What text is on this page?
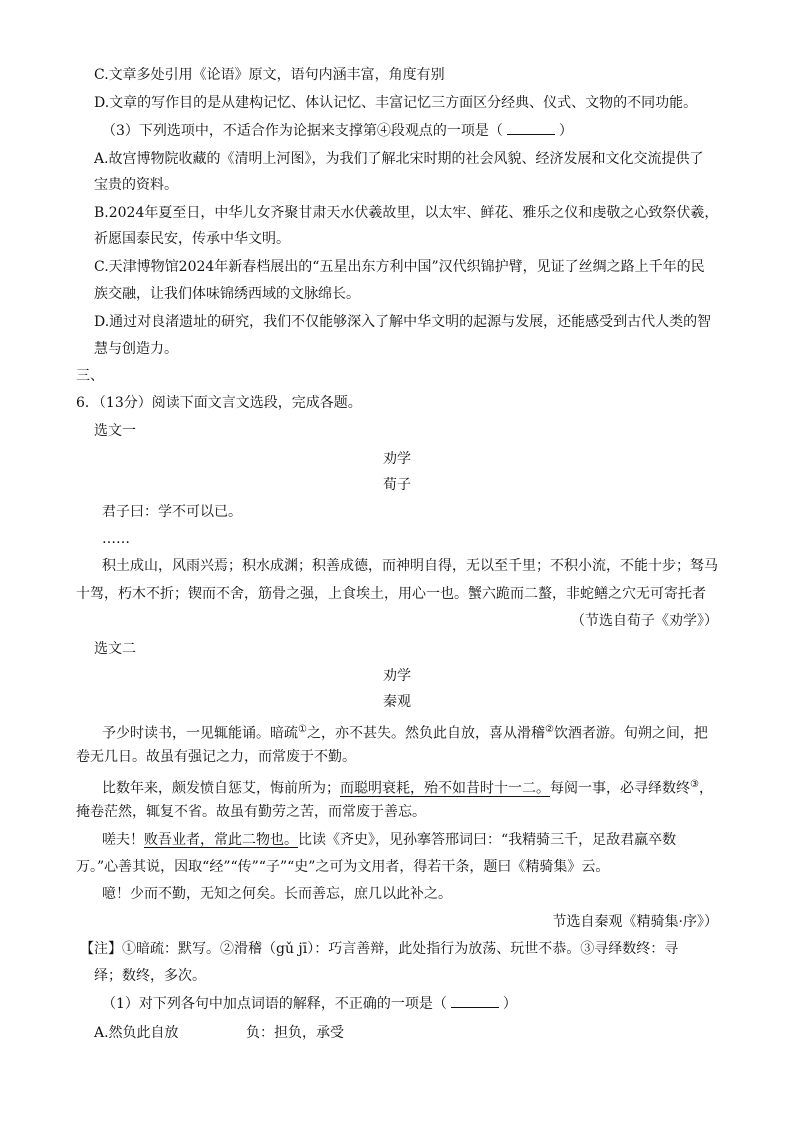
C.文章多处引用《论语》原文，语句内涵丰富，角度有别
D.文章的写作目的是从建构记忆、体认记忆、丰富记忆三方面区分经典、仪式、文物的不同功能。
（3）下列选项中，不适合作为论据来支撑第④段观点的一项是（	）
A.故宫博物院收藏的《清明上河图》，为我们了解北宋时期的社会风貌、经济发展和文化交流提供了
宝贵的资料。
B.2024年夏至日，中华儿女齐聚甘肃天水伏羲故里，以太牢、鲜花、雅乐之仪和虔敬之心致祭伏羲，
祈愿国泰民安，传承中华文明。
C.天津博物馆2024年新春档展出的“五星出东方利中国”汉代织锦护臂，见证了丝绸之路上千年的民
族交融，让我们体味锦绣西域的文脉绵长。
D.通过对良渚遗址的研究，我们不仅能够深入了解中华文明的起源与发展，还能感受到古代人类的智
慧与创造力。
三、
6．（13分）阅读下面文言文选段，完成各题。
选文一
劝学
荀子
君子曰：学不可以已。
……
积土成山，风雨兴焉；积水成渊；积善成德，而神明自得，无以至千里；不积小流，不能十步；驽马
十驾，朽木不折；锲而不舍，筋骨之强，上食埃土，用心一也。蟹六跪而二螯，非蛇鳝之穴无可寄托者
（节选自荀子《劝学》）
选文二
劝学
秦观
予少时读书，一见辄能诵。暗疏①之，亦不甚失。然负此自放，喜从滑稽②饮酒者游。旬朔之间，把
卷无几日。故虽有强记之力，而常废于不勤。
比数年来，颇发愤自惩艾，悔前所为；而聪明衰耗，殆不如昔时十一二。每阅一事，必寻绎数终③，
掩卷茫然，辄复不省。故虽有勤劳之苦，而常废于善忘。
嗟夫！败吾业者，常此二物也。比读《齐史》，见孙搴答邢词曰：“我精骑三千，足敌君羸卒数
万。”心善其说，因取“经”“传”“子”“史”之可为文用者，得若干条，题曰《精骑集》云。
噫！少而不勤，无知之何矣。长而善忘，庶几以此补之。
节选自秦观《精骑集·序》）
【注】①暗疏：默写。②滑稽（gǔ jī）：巧言善辩，此处指行为放荡、玩世不恭。③寻绎数终：寻
绎；数终，多次。
（1）对下列各句中加点词语的解释，不正确的一项是（	）
A.然负此自放	负：担负，承受
